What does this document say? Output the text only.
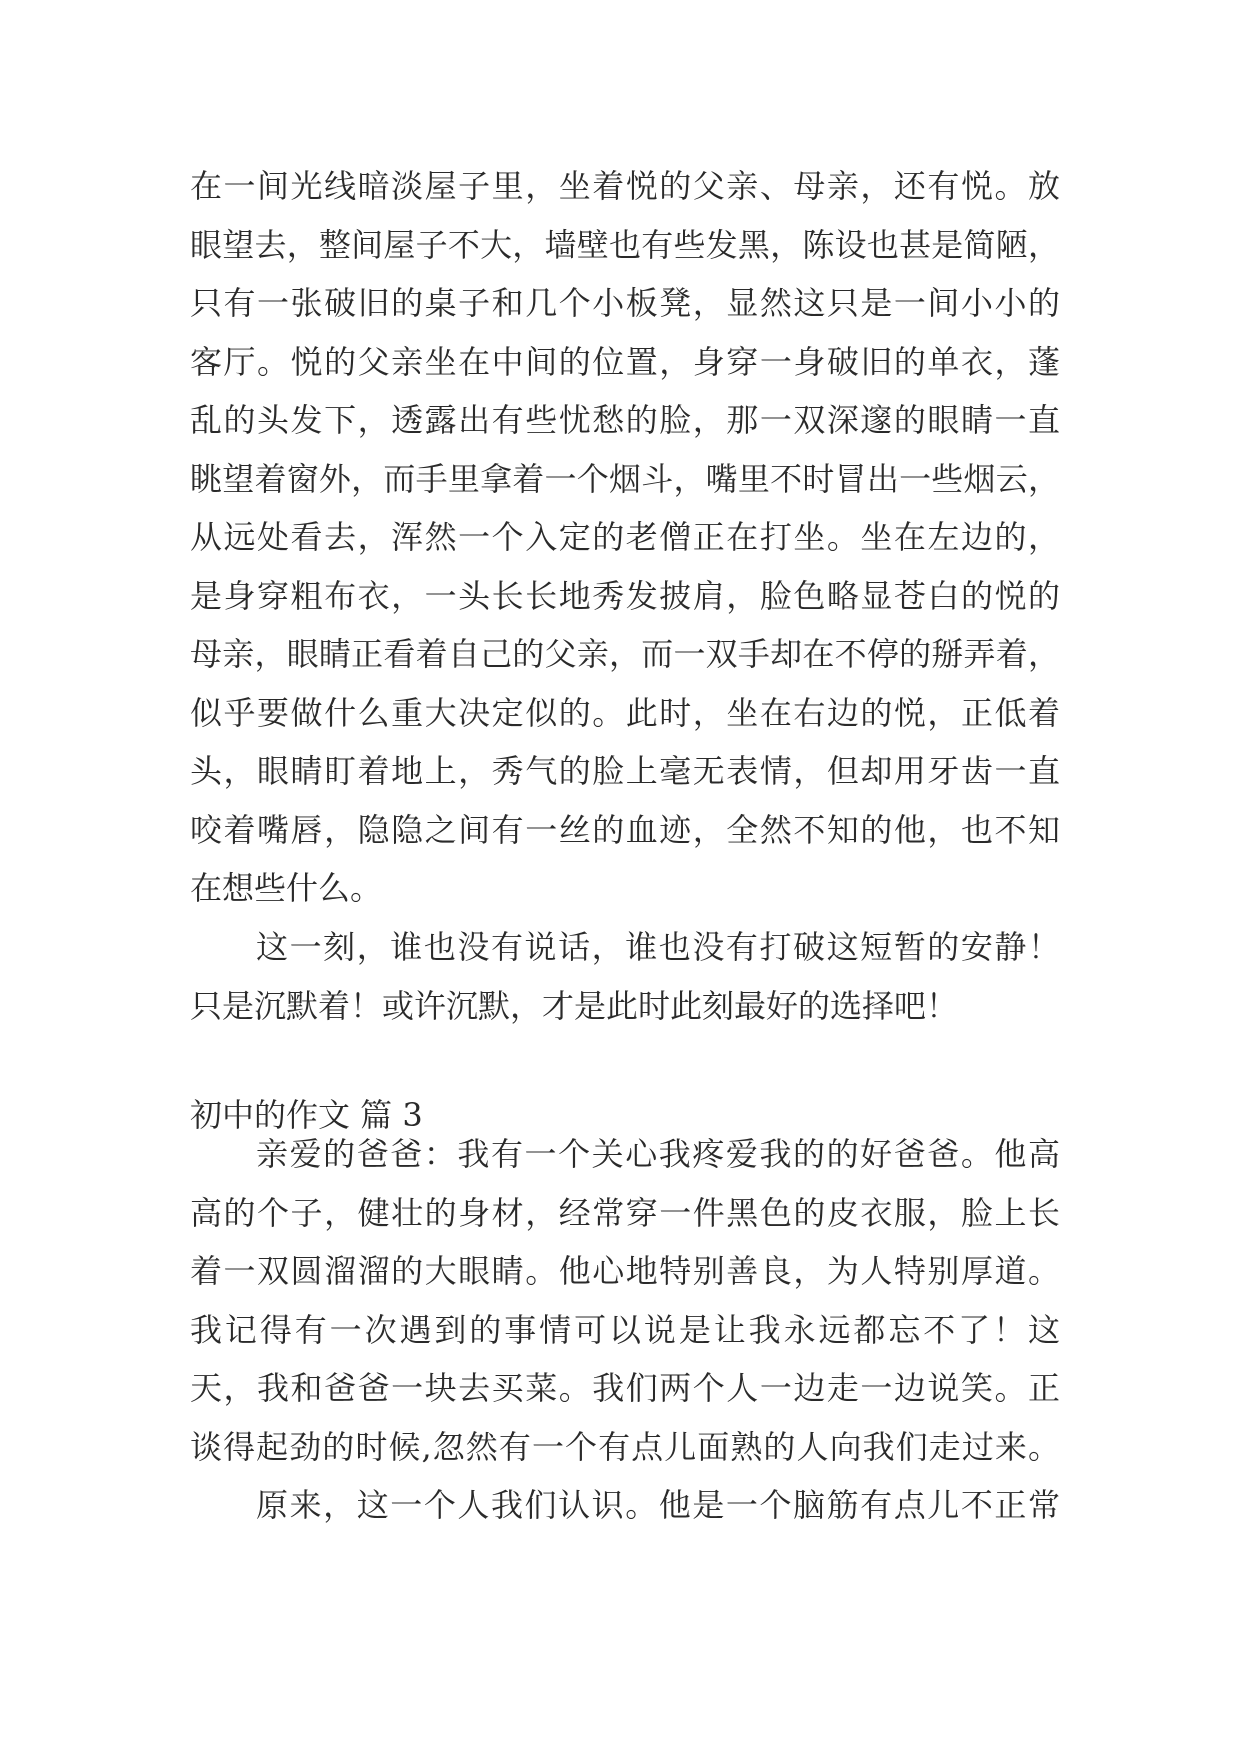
在一间光线暗淡屋子里，坐着悦的父亲、母亲，还有悦。放
眼望去，整间屋子不大，墙壁也有些发黑，陈设也甚是简陋，
只有一张破旧的桌子和几个小板凳，显然这只是一间小小的
客厅。悦的父亲坐在中间的位置，身穿一身破旧的单衣，蓬
乱的头发下，透露出有些忧愁的脸，那一双深邃的眼睛一直
眺望着窗外，而手里拿着一个烟斗，嘴里不时冒出一些烟云，
从远处看去，浑然一个入定的老僧正在打坐。坐在左边的，
是身穿粗布衣，一头长长地秀发披肩，脸色略显苍白的悦的
母亲，眼睛正看着自己的父亲，而一双手却在不停的掰弄着，
似乎要做什么重大决定似的。此时，坐在右边的悦，正低着
头，眼睛盯着地上，秀气的脸上毫无表情，但却用牙齿一直
咬着嘴唇，隐隐之间有一丝的血迹，全然不知的他，也不知
在想些什么。
这一刻，谁也没有说话，谁也没有打破这短暂的安静！
只是沉默着！或许沉默，才是此时此刻最好的选择吧！
初中的作文 篇 3
亲爱的爸爸：我有一个关心我疼爱我的的好爸爸。他高
高的个子，健壮的身材，经常穿一件黑色的皮衣服，脸上长
着一双圆溜溜的大眼睛。他心地特别善良，为人特别厚道。
我记得有一次遇到的事情可以说是让我永远都忘不了！这
天，我和爸爸一块去买菜。我们两个人一边走一边说笑。正
谈得起劲的时候,忽然有一个有点儿面熟的人向我们走过来。
原来，这一个人我们认识。他是一个脑筋有点儿不正常
